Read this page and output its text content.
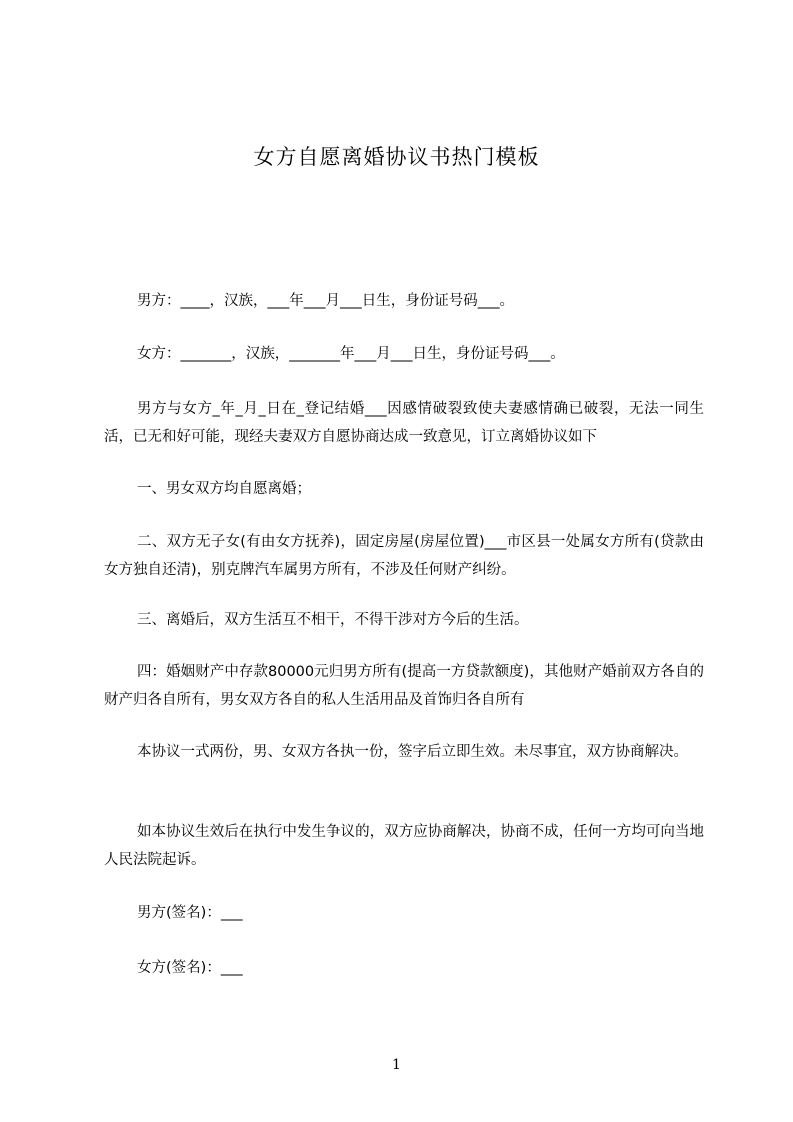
女方自愿离婚协议书热门模板
男方：____，汉族，___年___月___日生，身份证号码___。
女方：_______，汉族，_______年___月___日生，身份证号码___。
男方与女方_年_月_日在_登记结婚___因感情破裂致使夫妻感情确已破裂，无法一同生活，已无和好可能，现经夫妻双方自愿协商达成一致意见，订立离婚协议如下
一、男女双方均自愿离婚；
二、双方无子女(有由女方抚养)，固定房屋(房屋位置)___市区县一处属女方所有(贷款由女方独自还清)，别克牌汽车属男方所有，不涉及任何财产纠纷。
三、离婚后，双方生活互不相干，不得干涉对方今后的生活。
四：婚姻财产中存款80000元归男方所有(提高一方贷款额度)，其他财产婚前双方各自的财产归各自所有，男女双方各自的私人生活用品及首饰归各自所有
本协议一式两份，男、女双方各执一份，签字后立即生效。未尽事宜，双方协商解决。
如本协议生效后在执行中发生争议的，双方应协商解决，协商不成，任何一方均可向当地人民法院起诉。
男方(签名)：___
女方(签名)：___
1
